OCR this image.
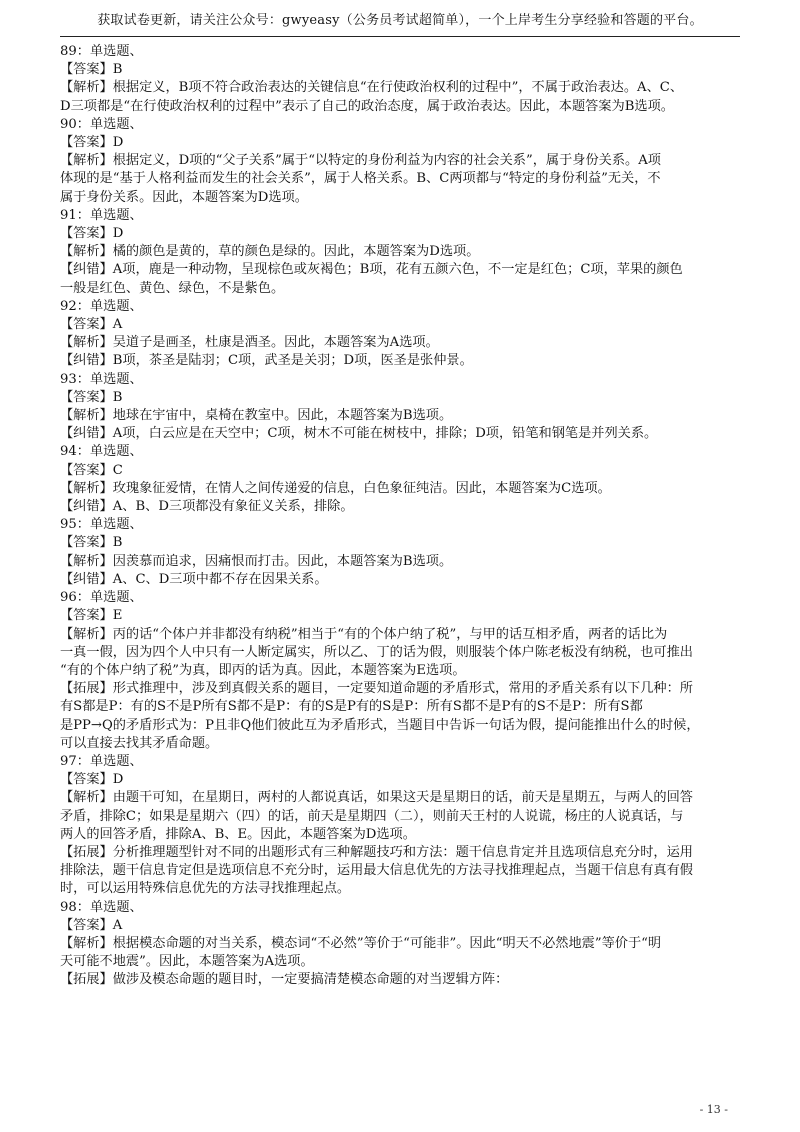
获取试卷更新，请关注公众号：gwyeasy（公务员考试超简单），一个上岸考生分享经验和答题的平台。

89：单选题、

【答案】B

【解析】根据定义，B项不符合政治表达的关键信息“在行使政治权利的过程中”，不属于政治表达。A、C、

D三项都是“在行使政治权利的过程中”表示了自己的政治态度，属于政治表达。因此，本题答案为B选项。

90：单选题、

【答案】D

【解析】根据定义，D项的“父子关系”属于“以特定的身份利益为内容的社会关系”，属于身份关系。A项

体现的是“基于人格利益而发生的社会关系”，属于人格关系。B、C两项都与“特定的身份利益”无关，不

属于身份关系。因此，本题答案为D选项。

91：单选题、

【答案】D

【解析】橘的颜色是黄的，草的颜色是绿的。因此，本题答案为D选项。

【纠错】A项，鹿是一种动物，呈现棕色或灰褐色；B项，花有五颜六色，不一定是红色；C项，苹果的颜色

一般是红色、黄色、绿色，不是紫色。

92：单选题、

【答案】A

【解析】吴道子是画圣，杜康是酒圣。因此，本题答案为A选项。

【纠错】B项，茶圣是陆羽；C项，武圣是关羽；D项，医圣是张仲景。

93：单选题、

【答案】B

【解析】地球在宇宙中，桌椅在教室中。因此，本题答案为B选项。

【纠错】A项，白云应是在天空中；C项，树木不可能在树枝中，排除；D项，铅笔和钢笔是并列关系。

94：单选题、

【答案】C

【解析】玫瑰象征爱情，在情人之间传递爱的信息，白色象征纯洁。因此，本题答案为C选项。

【纠错】A、B、D三项都没有象征义关系，排除。

95：单选题、

【答案】B

【解析】因羡慕而追求，因痛恨而打击。因此，本题答案为B选项。

【纠错】A、C、D三项中都不存在因果关系。

96：单选题、

【答案】E

【解析】丙的话“个体户并非都没有纳税”相当于“有的个体户纳了税”，与甲的话互相矛盾，两者的话比为

一真一假，因为四个人中只有一人断定属实，所以乙、丁的话为假，则服装个体户陈老板没有纳税，也可推出

“有的个体户纳了税”为真，即丙的话为真。因此，本题答案为E选项。

【拓展】形式推理中，涉及到真假关系的题目，一定要知道命题的矛盾形式，常用的矛盾关系有以下几种：所

有S都是P：有的S不是P所有S都不是P：有的S是P有的S是P：所有S都不是P有的S不是P：所有S都

是PP→Q的矛盾形式为：P且非Q他们彼此互为矛盾形式，当题目中告诉一句话为假，提问能推出什么的时候，

可以直接去找其矛盾命题。

97：单选题、

【答案】D

【解析】由题干可知，在星期日，两村的人都说真话，如果这天是星期日的话，前天是星期五，与两人的回答

矛盾，排除C；如果是星期六（四）的话，前天是星期四（二），则前天王村的人说谎，杨庄的人说真话，与

两人的回答矛盾，排除A、B、E。因此，本题答案为D选项。

【拓展】分析推理题型针对不同的出题形式有三种解题技巧和方法：题干信息肯定并且选项信息充分时，运用

排除法，题干信息肯定但是选项信息不充分时，运用最大信息优先的方法寻找推理起点，当题干信息有真有假

时，可以运用特殊信息优先的方法寻找推理起点。

98：单选题、

【答案】A

【解析】根据模态命题的对当关系，模态词“不必然”等价于“可能非”。因此“明天不必然地震”等价于“明

天可能不地震”。因此，本题答案为A选项。

【拓展】做涉及模态命题的题目时，一定要搞清楚模态命题的对当逻辑方阵：

- 13 -
